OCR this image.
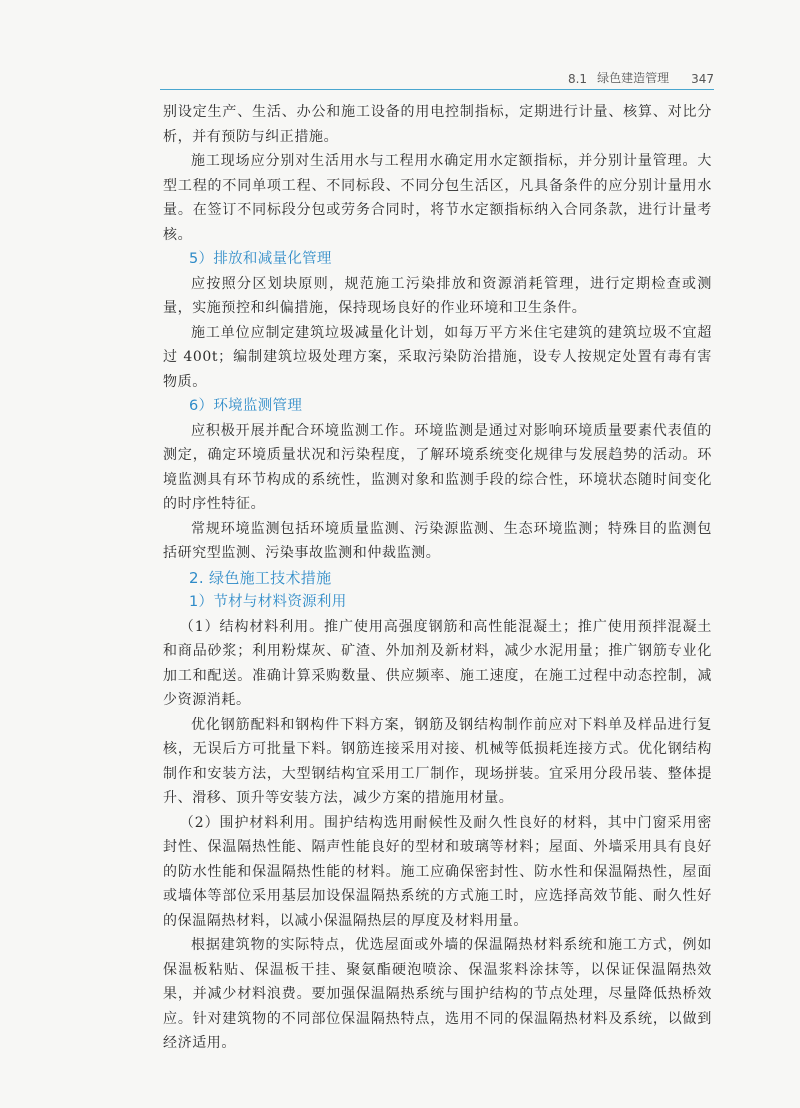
8.1 绿色建造管理 347

别设定生产、生活、办公和施工设备的用电控制指标，定期进行计量、核算、对比分析，并有预防与纠正措施。

施工现场应分别对生活用水与工程用水确定用水定额指标，并分别计量管理。大型工程的不同单项工程、不同标段、不同分包生活区，凡具备条件的应分别计量用水量。在签订不同标段分包或劳务合同时，将节水定额指标纳入合同条款，进行计量考核。

5）排放和减量化管理

应按照分区划块原则，规范施工污染排放和资源消耗管理，进行定期检查或测量，实施预控和纠偏措施，保持现场良好的作业环境和卫生条件。

施工单位应制定建筑垃圾减量化计划，如每万平方米住宅建筑的建筑垃圾不宜超过 400t；编制建筑垃圾处理方案，采取污染防治措施，设专人按规定处置有毒有害物质。

6）环境监测管理

应积极开展并配合环境监测工作。环境监测是通过对影响环境质量要素代表值的测定，确定环境质量状况和污染程度，了解环境系统变化规律与发展趋势的活动。环境监测具有环节构成的系统性，监测对象和监测手段的综合性，环境状态随时间变化的时序性特征。

常规环境监测包括环境质量监测、污染源监测、生态环境监测；特殊目的监测包括研究型监测、污染事故监测和仲裁监测。

2. 绿色施工技术措施

1）节材与材料资源利用

（1）结构材料利用。推广使用高强度钢筋和高性能混凝土；推广使用预拌混凝土和商品砂浆；利用粉煤灰、矿渣、外加剂及新材料，减少水泥用量；推广钢筋专业化加工和配送。准确计算采购数量、供应频率、施工速度，在施工过程中动态控制，减少资源消耗。

优化钢筋配料和钢构件下料方案，钢筋及钢结构制作前应对下料单及样品进行复核，无误后方可批量下料。钢筋连接采用对接、机械等低损耗连接方式。优化钢结构制作和安装方法，大型钢结构宜采用工厂制作，现场拼装。宜采用分段吊装、整体提升、滑移、顶升等安装方法，减少方案的措施用材量。

（2）围护材料利用。围护结构选用耐候性及耐久性良好的材料，其中门窗采用密封性、保温隔热性能、隔声性能良好的型材和玻璃等材料；屋面、外墙采用具有良好的防水性能和保温隔热性能的材料。施工应确保密封性、防水性和保温隔热性，屋面或墙体等部位采用基层加设保温隔热系统的方式施工时，应选择高效节能、耐久性好的保温隔热材料，以减小保温隔热层的厚度及材料用量。

根据建筑物的实际特点，优选屋面或外墙的保温隔热材料系统和施工方式，例如保温板粘贴、保温板干挂、聚氨酯硬泡喷涂、保温浆料涂抹等，以保证保温隔热效果，并减少材料浪费。要加强保温隔热系统与围护结构的节点处理，尽量降低热桥效应。针对建筑物的不同部位保温隔热特点，选用不同的保温隔热材料及系统，以做到经济适用。
